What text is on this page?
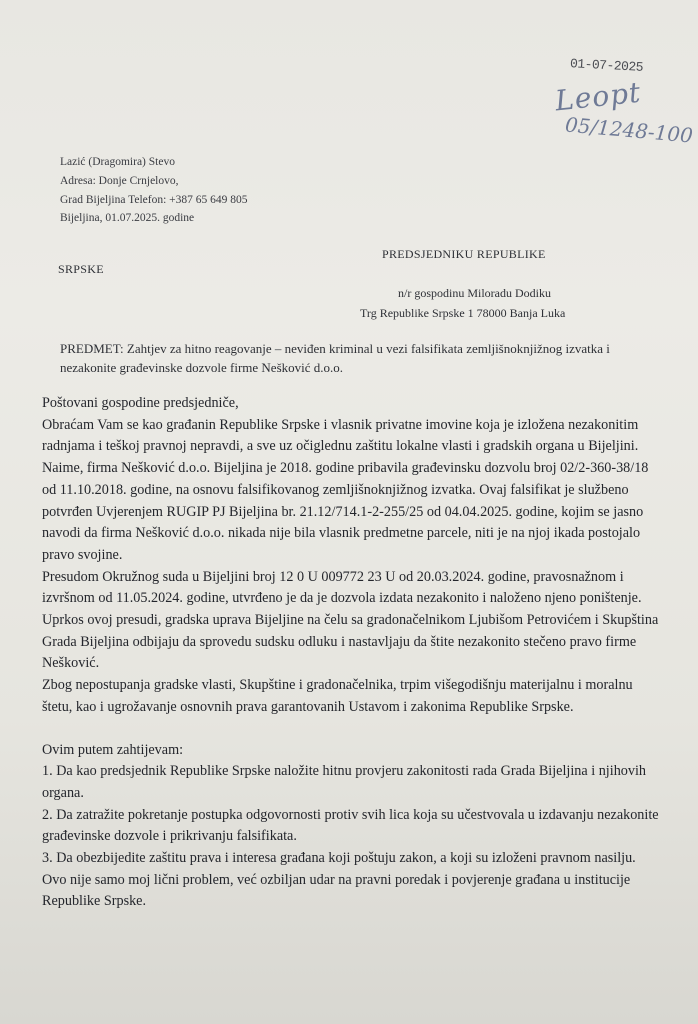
01-07-2025
Leopt
05/1248-100
Lazić (Dragomira) Stevo
Adresa: Donje Crnjelovo,
Grad Bijeljina Telefon: +387 65 649 805
Bijeljina, 01.07.2025. godine
PREDSJEDNIKU REPUBLIKE
SRPSKE
n/r gospodinu Miloradu Dodiku
Trg Republike Srpske 1 78000 Banja Luka
PREDMET: Zahtjev za hitno reagovanje – neviđen kriminal u vezi falsifikata zemljišnoknjižnog izvatka i nezakonite građevinske dozvole firme Nešković d.o.o.

Poštovani gospodine predsjedniče,

Obraćam Vam se kao građanin Republike Srpske i vlasnik privatne imovine koja je izložena nezakonitim radnjama i teškoj pravnoj nepravdi, a sve uz očiglednu zaštitu lokalne vlasti i gradskih organa u Bijeljini.

Naime, firma Nešković d.o.o. Bijeljina je 2018. godine pribavila građevinsku dozvolu broj 02/2-360-38/18 od 11.10.2018. godine, na osnovu falsifikovanog zemljišnoknjižnog izvatka. Ovaj falsifikat je službeno potvrđen Uvjerenjem RUGIP PJ Bijeljina br. 21.12/714.1-2-255/25 od 04.04.2025. godine, kojim se jasno navodi da firma Nešković d.o.o. nikada nije bila vlasnik predmetne parcele, niti je na njoj ikada postojalo pravo svojine.

Presudom Okružnog suda u Bijeljini broj 12 0 U 009772 23 U od 20.03.2024. godine, pravosnažnom i izvršnom od 11.05.2024. godine, utvrđeno je da je dozvola izdata nezakonito i naloženo njeno poništenje. Uprkos ovoj presudi, gradska uprava Bijeljine na čelu sa gradonačelnikom Ljubišom Petrovićem i Skupština Grada Bijeljina odbijaju da sprovedu sudsku odluku i nastavljaju da štite nezakonito stečeno pravo firme Nešković.

Zbog nepostupanja gradske vlasti, Skupštine i gradonačelnika, trpim višegodišnju materijalnu i moralnu štetu, kao i ugrožavanje osnovnih prava garantovanih Ustavom i zakonima Republike Srpske.

Ovim putem zahtijevam:

1. Da kao predsjednik Republike Srpske naložite hitnu provjeru zakonitosti rada Grada Bijeljina i njihovih organa.

2. Da zatražite pokretanje postupka odgovornosti protiv svih lica koja su učestvovala u izdavanju nezakonite građevinske dozvole i prikrivanju falsifikata.

3. Da obezbijedite zaštitu prava i interesa građana koji poštuju zakon, a koji su izloženi pravnom nasilju.

Ovo nije samo moj lični problem, već ozbiljan udar na pravni poredak i povjerenje građana u institucije Republike Srpske.
